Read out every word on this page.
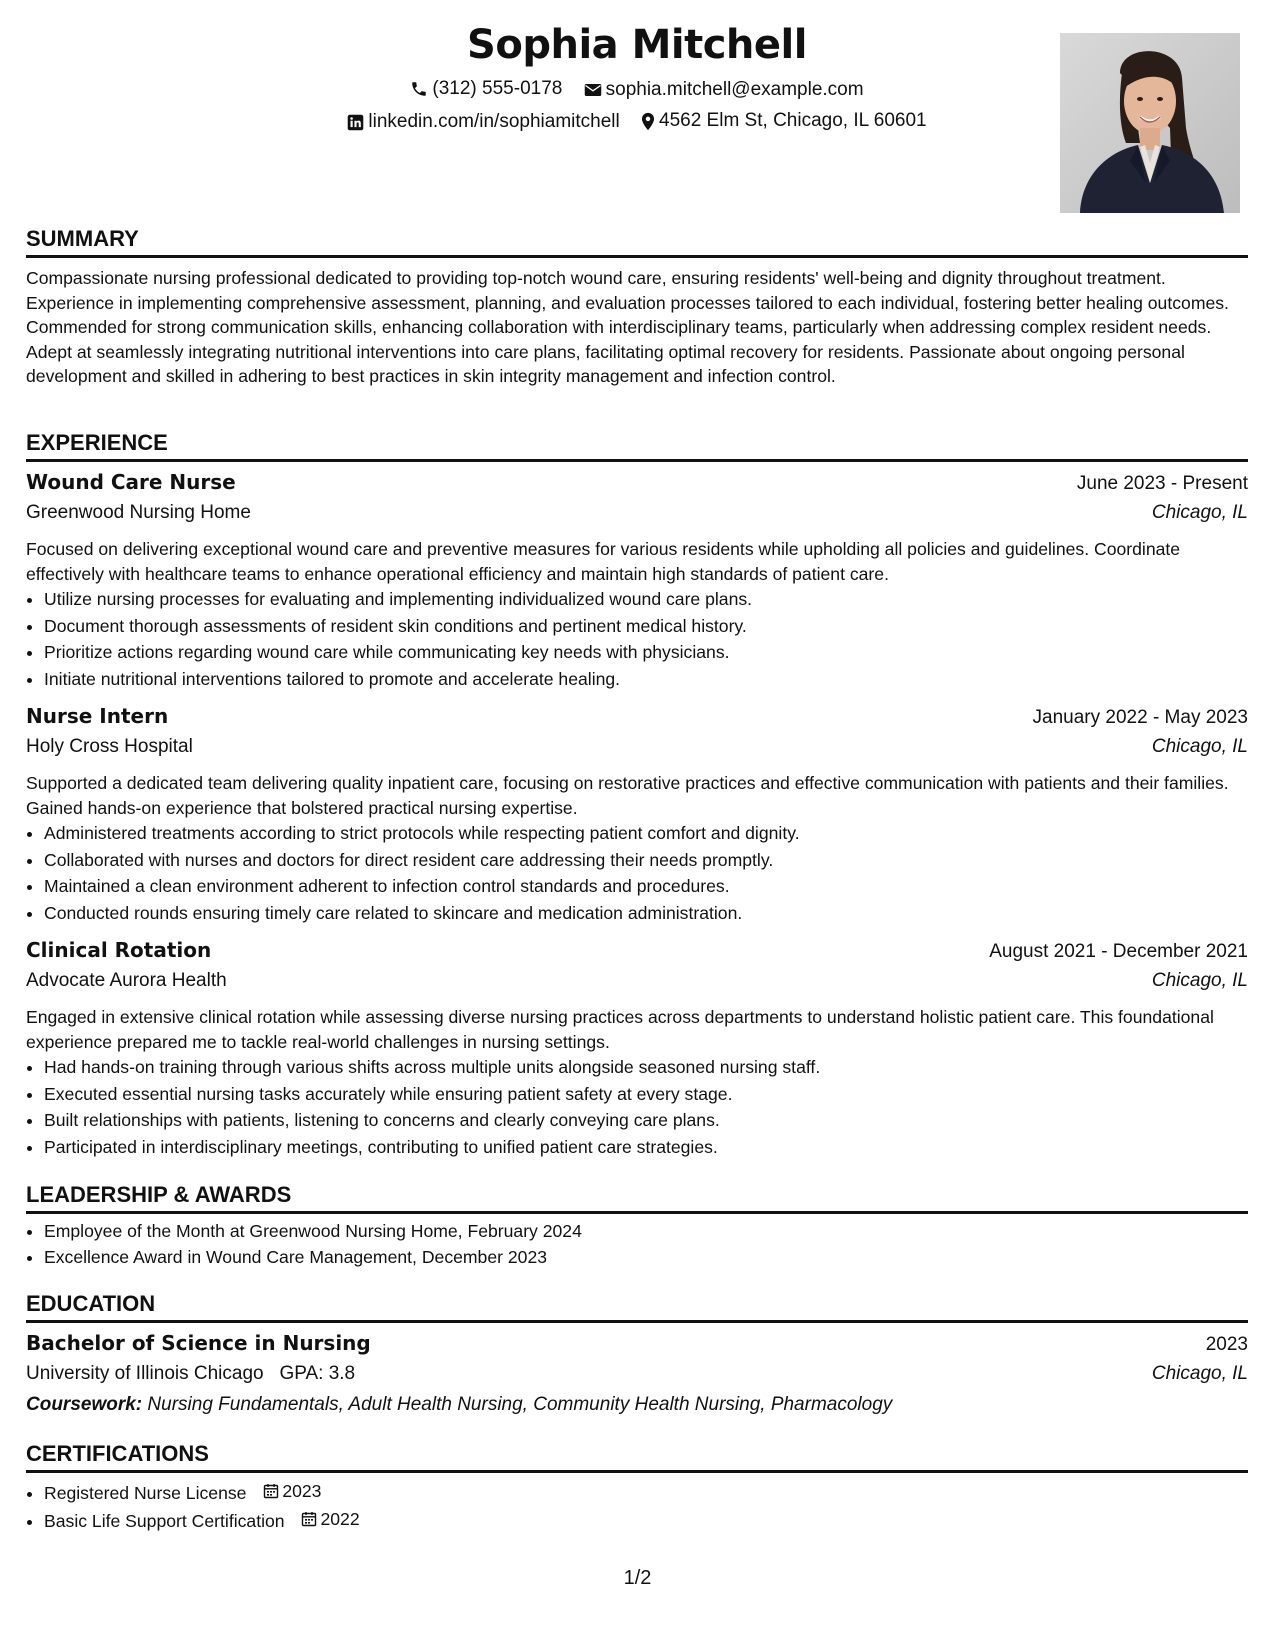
Sophia Mitchell
(312) 555-0178
sophia.mitchell@example.com
linkedin.com/in/sophiamitchell
4562 Elm St, Chicago, IL 60601
SUMMARY
Compassionate nursing professional dedicated to providing top-notch wound care, ensuring residents' well-being and dignity throughout treatment. Experience in implementing comprehensive assessment, planning, and evaluation processes tailored to each individual, fostering better healing outcomes. Commended for strong communication skills, enhancing collaboration with interdisciplinary teams, particularly when addressing complex resident needs. Adept at seamlessly integrating nutritional interventions into care plans, facilitating optimal recovery for residents. Passionate about ongoing personal development and skilled in adhering to best practices in skin integrity management and infection control.
EXPERIENCE
Wound Care Nurse	June 2023 - Present
Greenwood Nursing Home	Chicago, IL
Focused on delivering exceptional wound care and preventive measures for various residents while upholding all policies and guidelines. Coordinate effectively with healthcare teams to enhance operational efficiency and maintain high standards of patient care.
• Utilize nursing processes for evaluating and implementing individualized wound care plans.
• Document thorough assessments of resident skin conditions and pertinent medical history.
• Prioritize actions regarding wound care while communicating key needs with physicians.
• Initiate nutritional interventions tailored to promote and accelerate healing.
Nurse Intern	January 2022 - May 2023
Holy Cross Hospital	Chicago, IL
Supported a dedicated team delivering quality inpatient care, focusing on restorative practices and effective communication with patients and their families. Gained hands-on experience that bolstered practical nursing expertise.
• Administered treatments according to strict protocols while respecting patient comfort and dignity.
• Collaborated with nurses and doctors for direct resident care addressing their needs promptly.
• Maintained a clean environment adherent to infection control standards and procedures.
• Conducted rounds ensuring timely care related to skincare and medication administration.
Clinical Rotation	August 2021 - December 2021
Advocate Aurora Health	Chicago, IL
Engaged in extensive clinical rotation while assessing diverse nursing practices across departments to understand holistic patient care. This foundational experience prepared me to tackle real-world challenges in nursing settings.
• Had hands-on training through various shifts across multiple units alongside seasoned nursing staff.
• Executed essential nursing tasks accurately while ensuring patient safety at every stage.
• Built relationships with patients, listening to concerns and clearly conveying care plans.
• Participated in interdisciplinary meetings, contributing to unified patient care strategies.
LEADERSHIP & AWARDS
• Employee of the Month at Greenwood Nursing Home, February 2024
• Excellence Award in Wound Care Management, December 2023
EDUCATION
Bachelor of Science in Nursing	2023
University of Illinois Chicago GPA: 3.8	Chicago, IL
Coursework: Nursing Fundamentals, Adult Health Nursing, Community Health Nursing, Pharmacology
CERTIFICATIONS
• Registered Nurse License 2023
• Basic Life Support Certification 2022
1/2
